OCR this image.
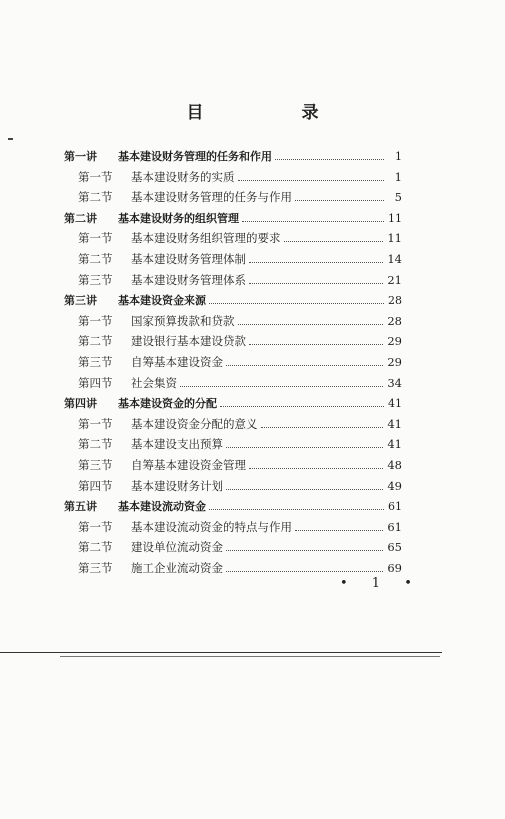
目 录
第一讲	基本建设财务管理的任务和作用	1
第一节	基本建设财务的实质	1
第二节	基本建设财务管理的任务与作用	5
第二讲	基本建设财务的组织管理	11
第一节	基本建设财务组织管理的要求	11
第二节	基本建设财务管理体制	14
第三节	基本建设财务管理体系	21
第三讲	基本建设资金来源	28
第一节	国家预算拨款和贷款	28
第二节	建设银行基本建设贷款	29
第三节	自筹基本建设资金	29
第四节	社会集资	34
第四讲	基本建设资金的分配	41
第一节	基本建设资金分配的意义	41
第二节	基本建设支出预算	41
第三节	自筹基本建设资金管理	48
第四节	基本建设财务计划	49
第五讲	基本建设流动资金	61
第一节	基本建设流动资金的特点与作用	61
第二节	建设单位流动资金	65
第三节	施工企业流动资金	69
• 1 •
